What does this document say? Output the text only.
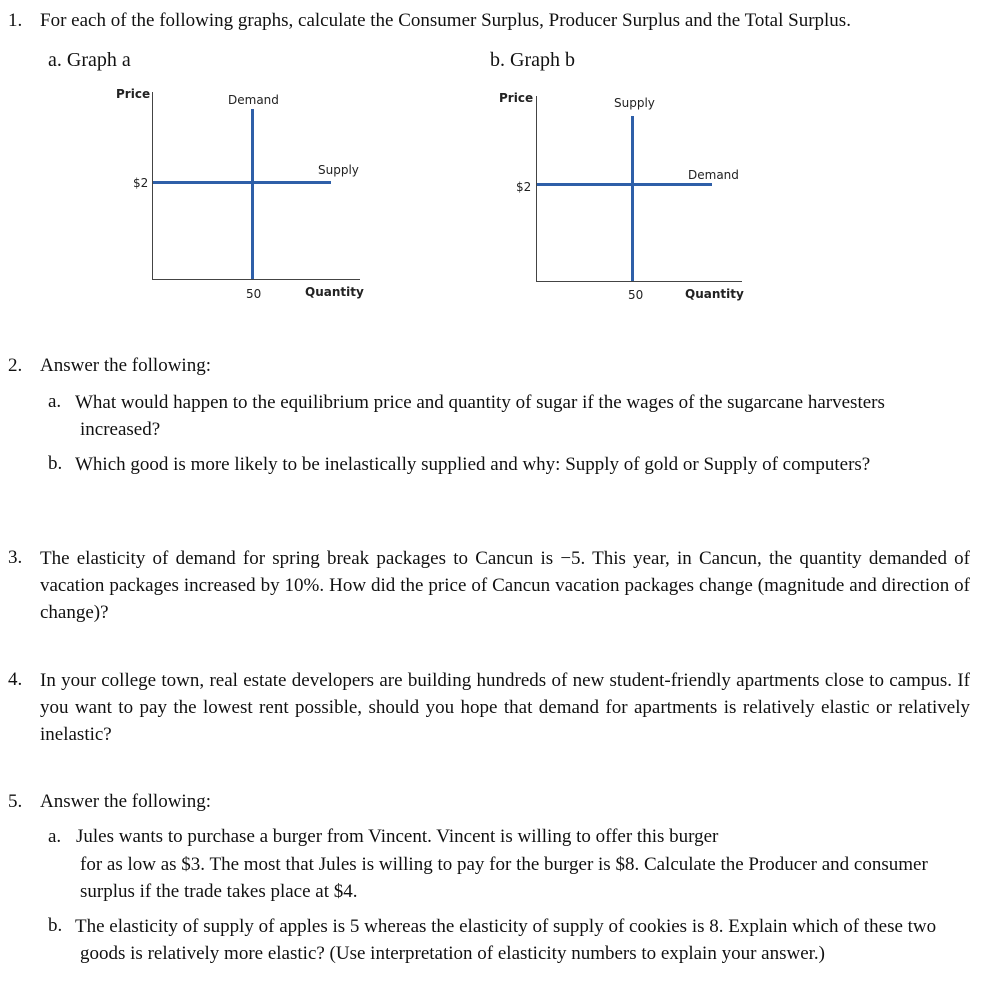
1. For each of the following graphs, calculate the Consumer Surplus, Producer Surplus and the Total Surplus.
a. Graph a	b. Graph b
Price	Demand
Supply
$2
50	Quantity
Price	Supply
Demand
$2
50	Quantity
2. Answer the following:
a. What would happen to the equilibrium price and quantity of sugar if the wages of the sugarcane harvesters increased?
b. Which good is more likely to be inelastically supplied and why: Supply of gold or Supply of computers?
3. The elasticity of demand for spring break packages to Cancun is −5. This year, in Cancun, the quantity demanded of vacation packages increased by 10%. How did the price of Cancun vacation packages change (magnitude and direction of change)?
4. In your college town, real estate developers are building hundreds of new student-friendly apartments close to campus. If you want to pay the lowest rent possible, should you hope that demand for apartments is relatively elastic or relatively inelastic?
5. Answer the following:
a. Jules wants to purchase a burger from Vincent. Vincent is willing to offer this burger
for as low as $3. The most that Jules is willing to pay for the burger is $8. Calculate the Producer and consumer surplus if the trade takes place at $4.
b. The elasticity of supply of apples is 5 whereas the elasticity of supply of cookies is 8. Explain which of these two goods is relatively more elastic? (Use interpretation of elasticity numbers to explain your answer.)
